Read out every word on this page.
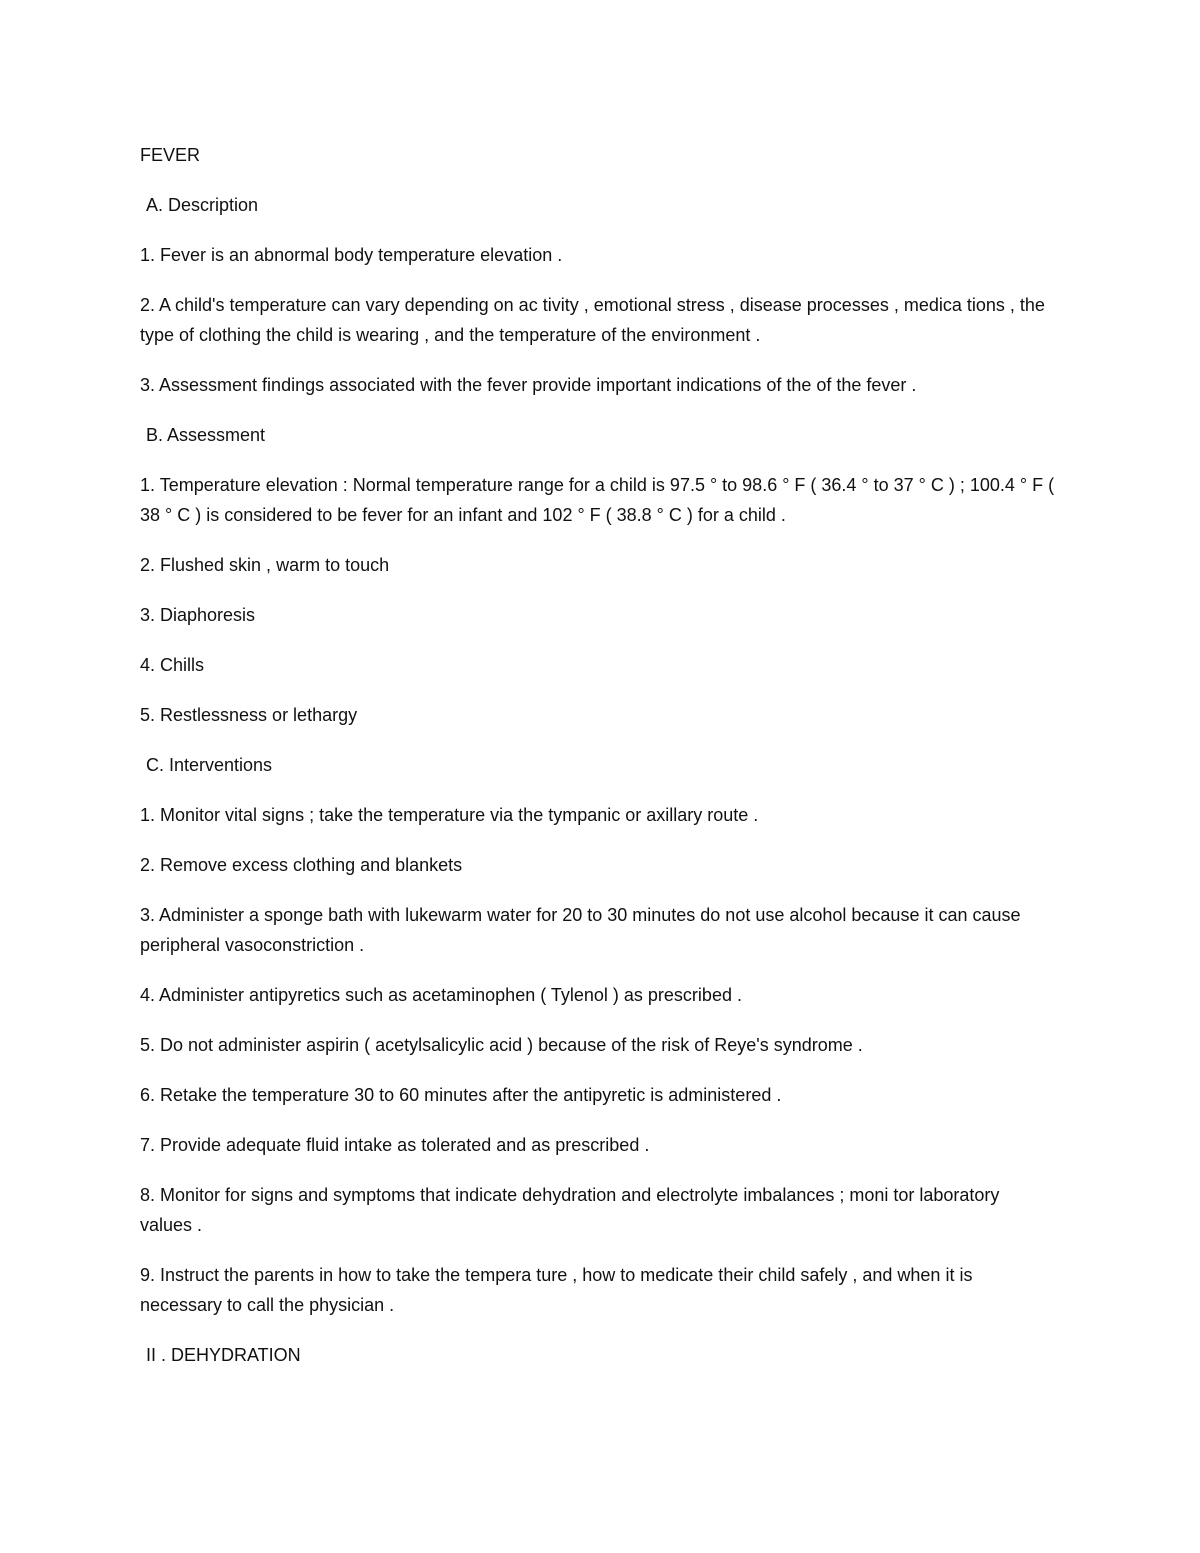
FEVER
A. Description
1. Fever is an abnormal body temperature elevation .
2. A child's temperature can vary depending on ac tivity , emotional stress , disease processes , medica tions , the type of clothing the child is wearing , and the temperature of the environment .
3. Assessment findings associated with the fever provide important indications of the of the fever .
B. Assessment
1. Temperature elevation : Normal temperature range for a child is 97.5 ° to 98.6 ° F ( 36.4 ° to 37 ° C ) ; 100.4 ° F ( 38 ° C ) is considered to be fever for an infant and 102 ° F ( 38.8 ° C ) for a child .
2. Flushed skin , warm to touch
3. Diaphoresis
4. Chills
5. Restlessness or lethargy
C. Interventions
1. Monitor vital signs ; take the temperature via the tympanic or axillary route .
2. Remove excess clothing and blankets
3. Administer a sponge bath with lukewarm water for 20 to 30 minutes do not use alcohol because it can cause peripheral vasoconstriction .
4. Administer antipyretics such as acetaminophen ( Tylenol ) as prescribed .
5. Do not administer aspirin ( acetylsalicylic acid ) because of the risk of Reye's syndrome .
6. Retake the temperature 30 to 60 minutes after the antipyretic is administered .
7. Provide adequate fluid intake as tolerated and as prescribed .
8. Monitor for signs and symptoms that indicate dehydration and electrolyte imbalances ; moni tor laboratory values .
9. Instruct the parents in how to take the tempera ture , how to medicate their child safely , and when it is necessary to call the physician .
II . DEHYDRATION
